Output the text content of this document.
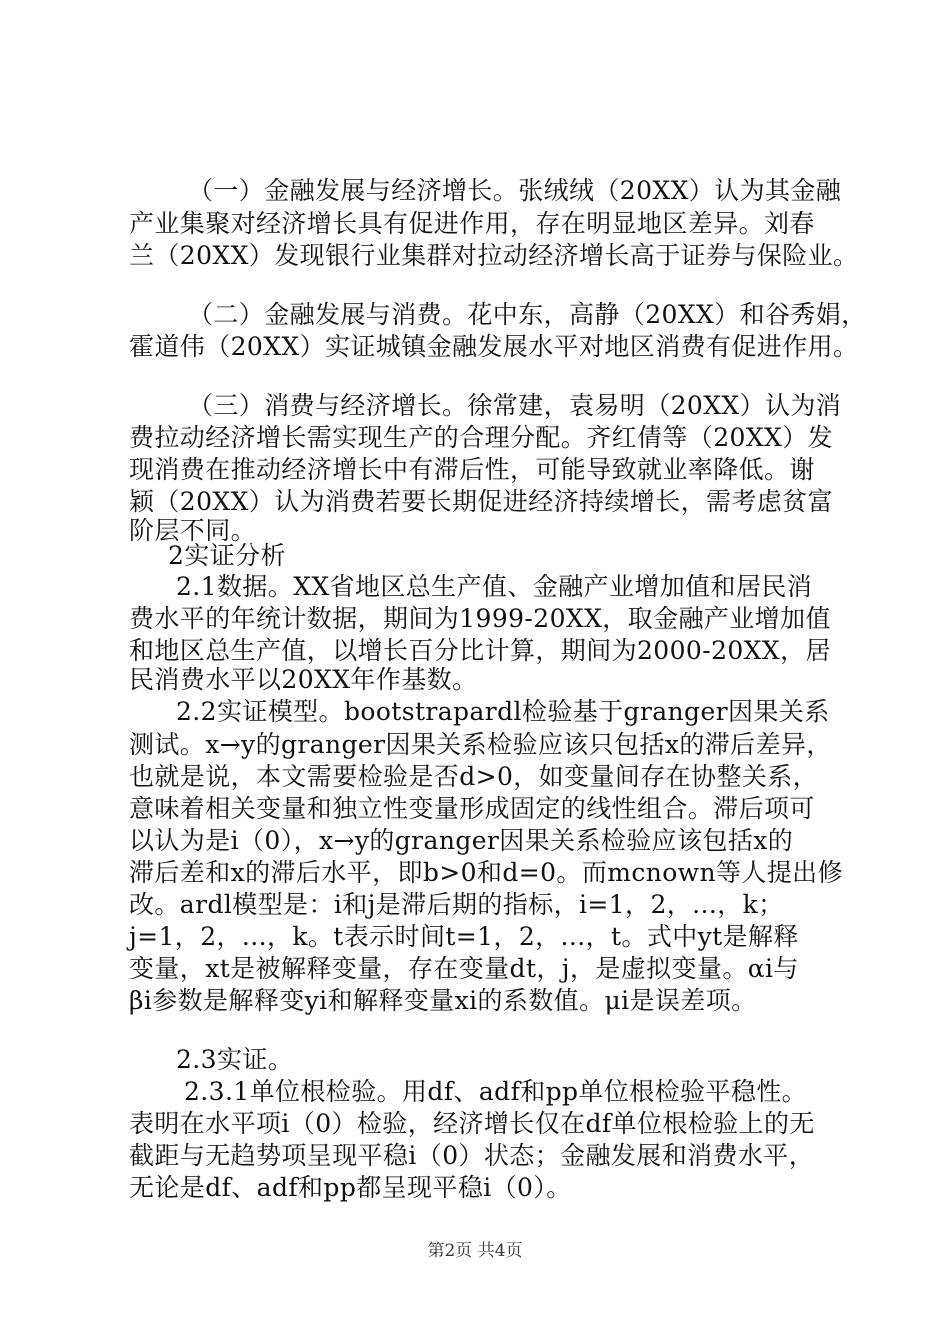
（一）金融发展与经济增长。张绒绒（20XX）认为其金融
产业集聚对经济增长具有促进作用，存在明显地区差异。刘春
兰（20XX）发现银行业集群对拉动经济增长高于证券与保险业。
（二）金融发展与消费。花中东，高静（20XX）和谷秀娟，
霍道伟（20XX）实证城镇金融发展水平对地区消费有促进作用。
（三）消费与经济增长。徐常建，袁易明（20XX）认为消
费拉动经济增长需实现生产的合理分配。齐红倩等（20XX）发
现消费在推动经济增长中有滞后性，可能导致就业率降低。谢
颖（20XX）认为消费若要长期促进经济持续增长，需考虑贫富
阶层不同。
2实证分析
2.1数据。XX省地区总生产值、金融产业增加值和居民消
费水平的年统计数据，期间为1999-20XX，取金融产业增加值
和地区总生产值，以增长百分比计算，期间为2000-20XX，居
民消费水平以20XX年作基数。
2.2实证模型。bootstrapardl检验基于granger因果关系
测试。x→y的granger因果关系检验应该只包括x的滞后差异，
也就是说，本文需要检验是否d>0，如变量间存在协整关系，
意味着相关变量和独立性变量形成固定的线性组合。滞后项可
以认为是i（0），x→y的granger因果关系检验应该包括x的
滞后差和x的滞后水平，即b>0和d=0。而mcnown等人提出修
改。ardl模型是：i和j是滞后期的指标，i=1，2，...，k；
j=1，2，...，k。t表示时间t=1，2，...，t。式中yt是解释
变量，xt是被解释变量，存在变量dt，j，是虚拟变量。αi与
βi参数是解释变yi和解释变量xi的系数值。μi是误差项。
2.3实证。
2.3.1单位根检验。用df、adf和pp单位根检验平稳性。
表明在水平项i（0）检验，经济增长仅在df单位根检验上的无
截距与无趋势项呈现平稳i（0）状态；金融发展和消费水平，
无论是df、adf和pp都呈现平稳i（0）。
第2页 共4页
